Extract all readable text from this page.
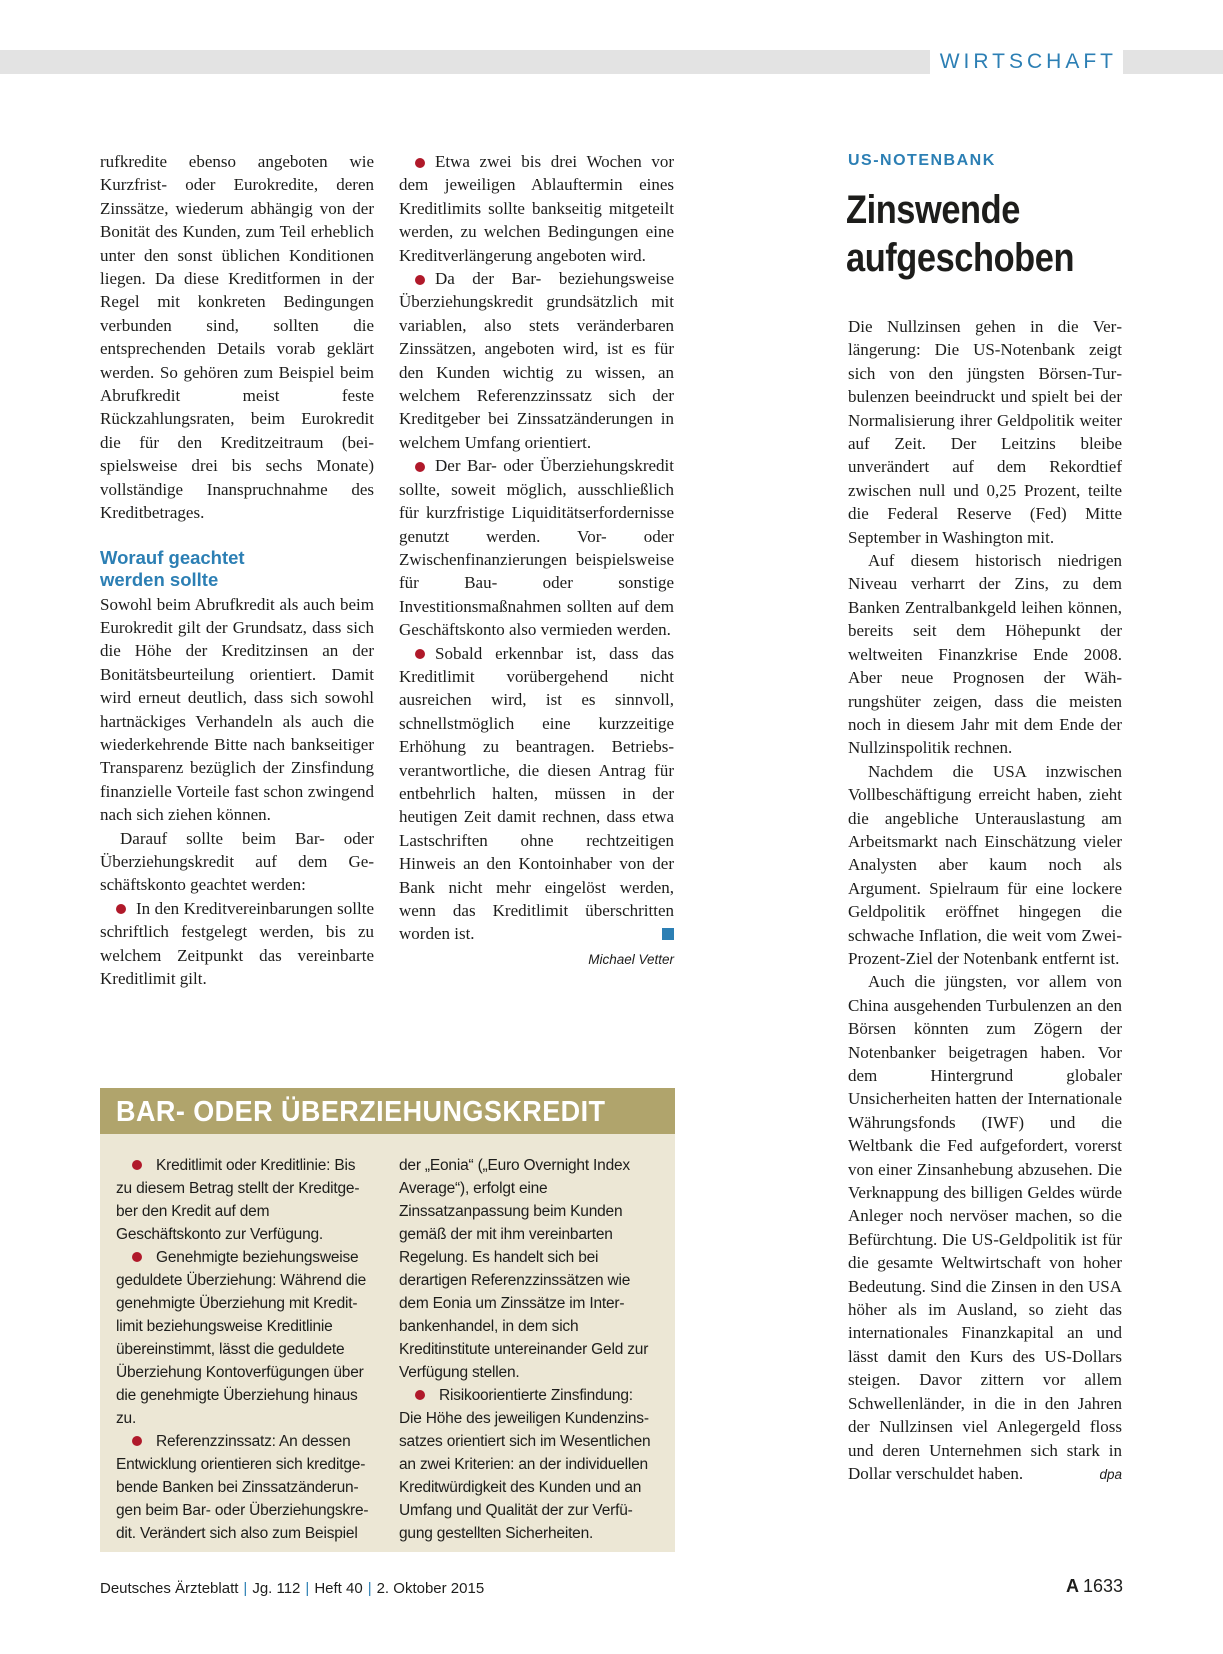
WIRTSCHAFT

rufkredite ebenso angeboten wie Kurzfrist- oder Eurokredite, deren Zinssätze, wiederum abhängig von der Bonität des Kunden, zum Teil erheblich unter den sonst üblichen Konditionen liegen. Da diese Kreditformen in der Regel mit konkreten Bedingungen verbunden sind, sollten die entsprechenden Details vorab geklärt werden. So gehören zum Beispiel beim Abrufkredit meist feste Rückzahlungsraten, beim Eurokredit die für den Kreditzeitraum (beispielsweise drei bis sechs Monate) vollständige Inanspruchnahme des Kreditbetrages.

Worauf geachtet
werden sollte

Sowohl beim Abrufkredit als auch beim Eurokredit gilt der Grundsatz, dass sich die Höhe der Kreditzinsen an der Bonitätsbeurteilung orientiert. Damit wird erneut deutlich, dass sich sowohl hartnäckiges Verhandeln als auch die wiederkehrende Bitte nach bankseitiger Transparenz bezüglich der Zinsfindung finanzielle Vorteile fast schon zwingend nach sich ziehen können.

Darauf sollte beim Bar- oder Überziehungskredit auf dem Geschäftskonto geachtet werden:

In den Kreditvereinbarungen sollte schriftlich festgelegt werden, bis zu welchem Zeitpunkt das vereinbarte Kreditlimit gilt.

Etwa zwei bis drei Wochen vor dem jeweiligen Ablauftermin eines Kreditlimits sollte bankseitig mitgeteilt werden, zu welchen Bedingungen eine Kreditverlängerung angeboten wird.

Da der Bar- beziehungsweise Überziehungskredit grundsätzlich mit variablen, also stets veränderbaren Zinssätzen, angeboten wird, ist es für den Kunden wichtig zu wissen, an welchem Referenzzinssatz sich der Kreditgeber bei Zinssatzänderungen in welchem Umfang orientiert.

Der Bar- oder Überziehungskredit sollte, soweit möglich, ausschließlich für kurzfristige Liquiditätserfordernisse genutzt werden. Vor- oder Zwischenfinanzierungen beispielsweise für Bau- oder sonstige Investitionsmaßnahmen sollten auf dem Geschäftskonto also vermieden werden.

Sobald erkennbar ist, dass das Kreditlimit vorübergehend nicht ausreichen wird, ist es sinnvoll, schnellstmöglich eine kurzzeitige Erhöhung zu beantragen. Betriebsverantwortliche, die diesen Antrag für entbehrlich halten, müssen in der heutigen Zeit damit rechnen, dass etwa Lastschriften ohne rechtzeitigen Hinweis an den Kontoinhaber von der Bank nicht mehr eingelöst werden, wenn das Kreditlimit überschritten worden ist.

Michael Vetter
US-NOTENBANK
Zinswende
aufgeschoben

Die Nullzinsen gehen in die Verlängerung: Die US-Notenbank zeigt sich von den jüngsten Börsen-Turbulenzen beeindruckt und spielt bei der Normalisierung ihrer Geldpolitik weiter auf Zeit. Der Leitzins bleibe unverändert auf dem Rekordtief zwischen null und 0,25 Prozent, teilte die Federal Reserve (Fed) Mitte September in Washington mit.

Auf diesem historisch niedrigen Niveau verharrt der Zins, zu dem Banken Zentralbankgeld leihen können, bereits seit dem Höhepunkt der weltweiten Finanzkrise Ende 2008. Aber neue Prognosen der Währungshüter zeigen, dass die meisten noch in diesem Jahr mit dem Ende der Nullzinspolitik rechnen.

Nachdem die USA inzwischen Vollbeschäftigung erreicht haben, zieht die angebliche Unterauslastung am Arbeitsmarkt nach Einschätzung vieler Analysten aber kaum noch als Argument. Spielraum für eine lockere Geldpolitik eröffnet hingegen die schwache Inflation, die weit vom Zwei-Prozent-Ziel der Notenbank entfernt ist.

Auch die jüngsten, vor allem von China ausgehenden Turbulenzen an den Börsen könnten zum Zögern der Notenbanker beigetragen haben. Vor dem Hintergrund globaler Unsicherheiten hatten der Internationale Währungsfonds (IWF) und die Weltbank die Fed aufgefordert, vorerst von einer Zinsanhebung abzusehen. Die Verknappung des billigen Geldes würde Anleger noch nervöser machen, so die Befürchtung. Die US-Geldpolitik ist für die gesamte Weltwirtschaft von hoher Bedeutung. Sind die Zinsen in den USA höher als im Ausland, so zieht das internationales Finanzkapital an und lässt damit den Kurs des US-Dollars steigen. Davor zittern vor allem Schwellenländer, in die in den Jahren der Nullzinsen viel Anlegergeld floss und deren Unternehmen sich stark in Dollar verschuldet haben.	dpa
BAR- ODER ÜBERZIEHUNGSKREDIT

Kreditlimit oder Kreditlinie: Bis zu diesem Betrag stellt der Kreditgeber den Kredit auf dem Geschäftskonto zur Verfügung.

Genehmigte beziehungsweise geduldete Überziehung: Während die genehmigte Überziehung mit Kreditlimit beziehungsweise Kreditlinie übereinstimmt, lässt die geduldete Überziehung Kontoverfügungen über die genehmigte Überziehung hinaus zu.

Referenzzinssatz: An dessen Entwicklung orientieren sich kreditgebende Banken bei Zinssatzänderungen beim Bar- oder Überziehungskredit. Verändert sich also zum Beispiel

der „Eonia“ („Euro Overnight Index Average“), erfolgt eine Zinssatzanpassung beim Kunden gemäß der mit ihm vereinbarten Regelung. Es handelt sich bei derartigen Referenzzinssätzen wie dem Eonia um Zinssätze im Interbankenhandel, in dem sich Kreditinstitute untereinander Geld zur Verfügung stellen.

Risikoorientierte Zinsfindung: Die Höhe des jeweiligen Kundenzinssatzes orientiert sich im Wesentlichen an zwei Kriterien: an der individuellen Kreditwürdigkeit des Kunden und an Umfang und Qualität der zur Verfügung gestellten Sicherheiten.

Deutsches Ärzteblatt | Jg. 112 | Heft 40 | 2. Oktober 2015	A 1633
